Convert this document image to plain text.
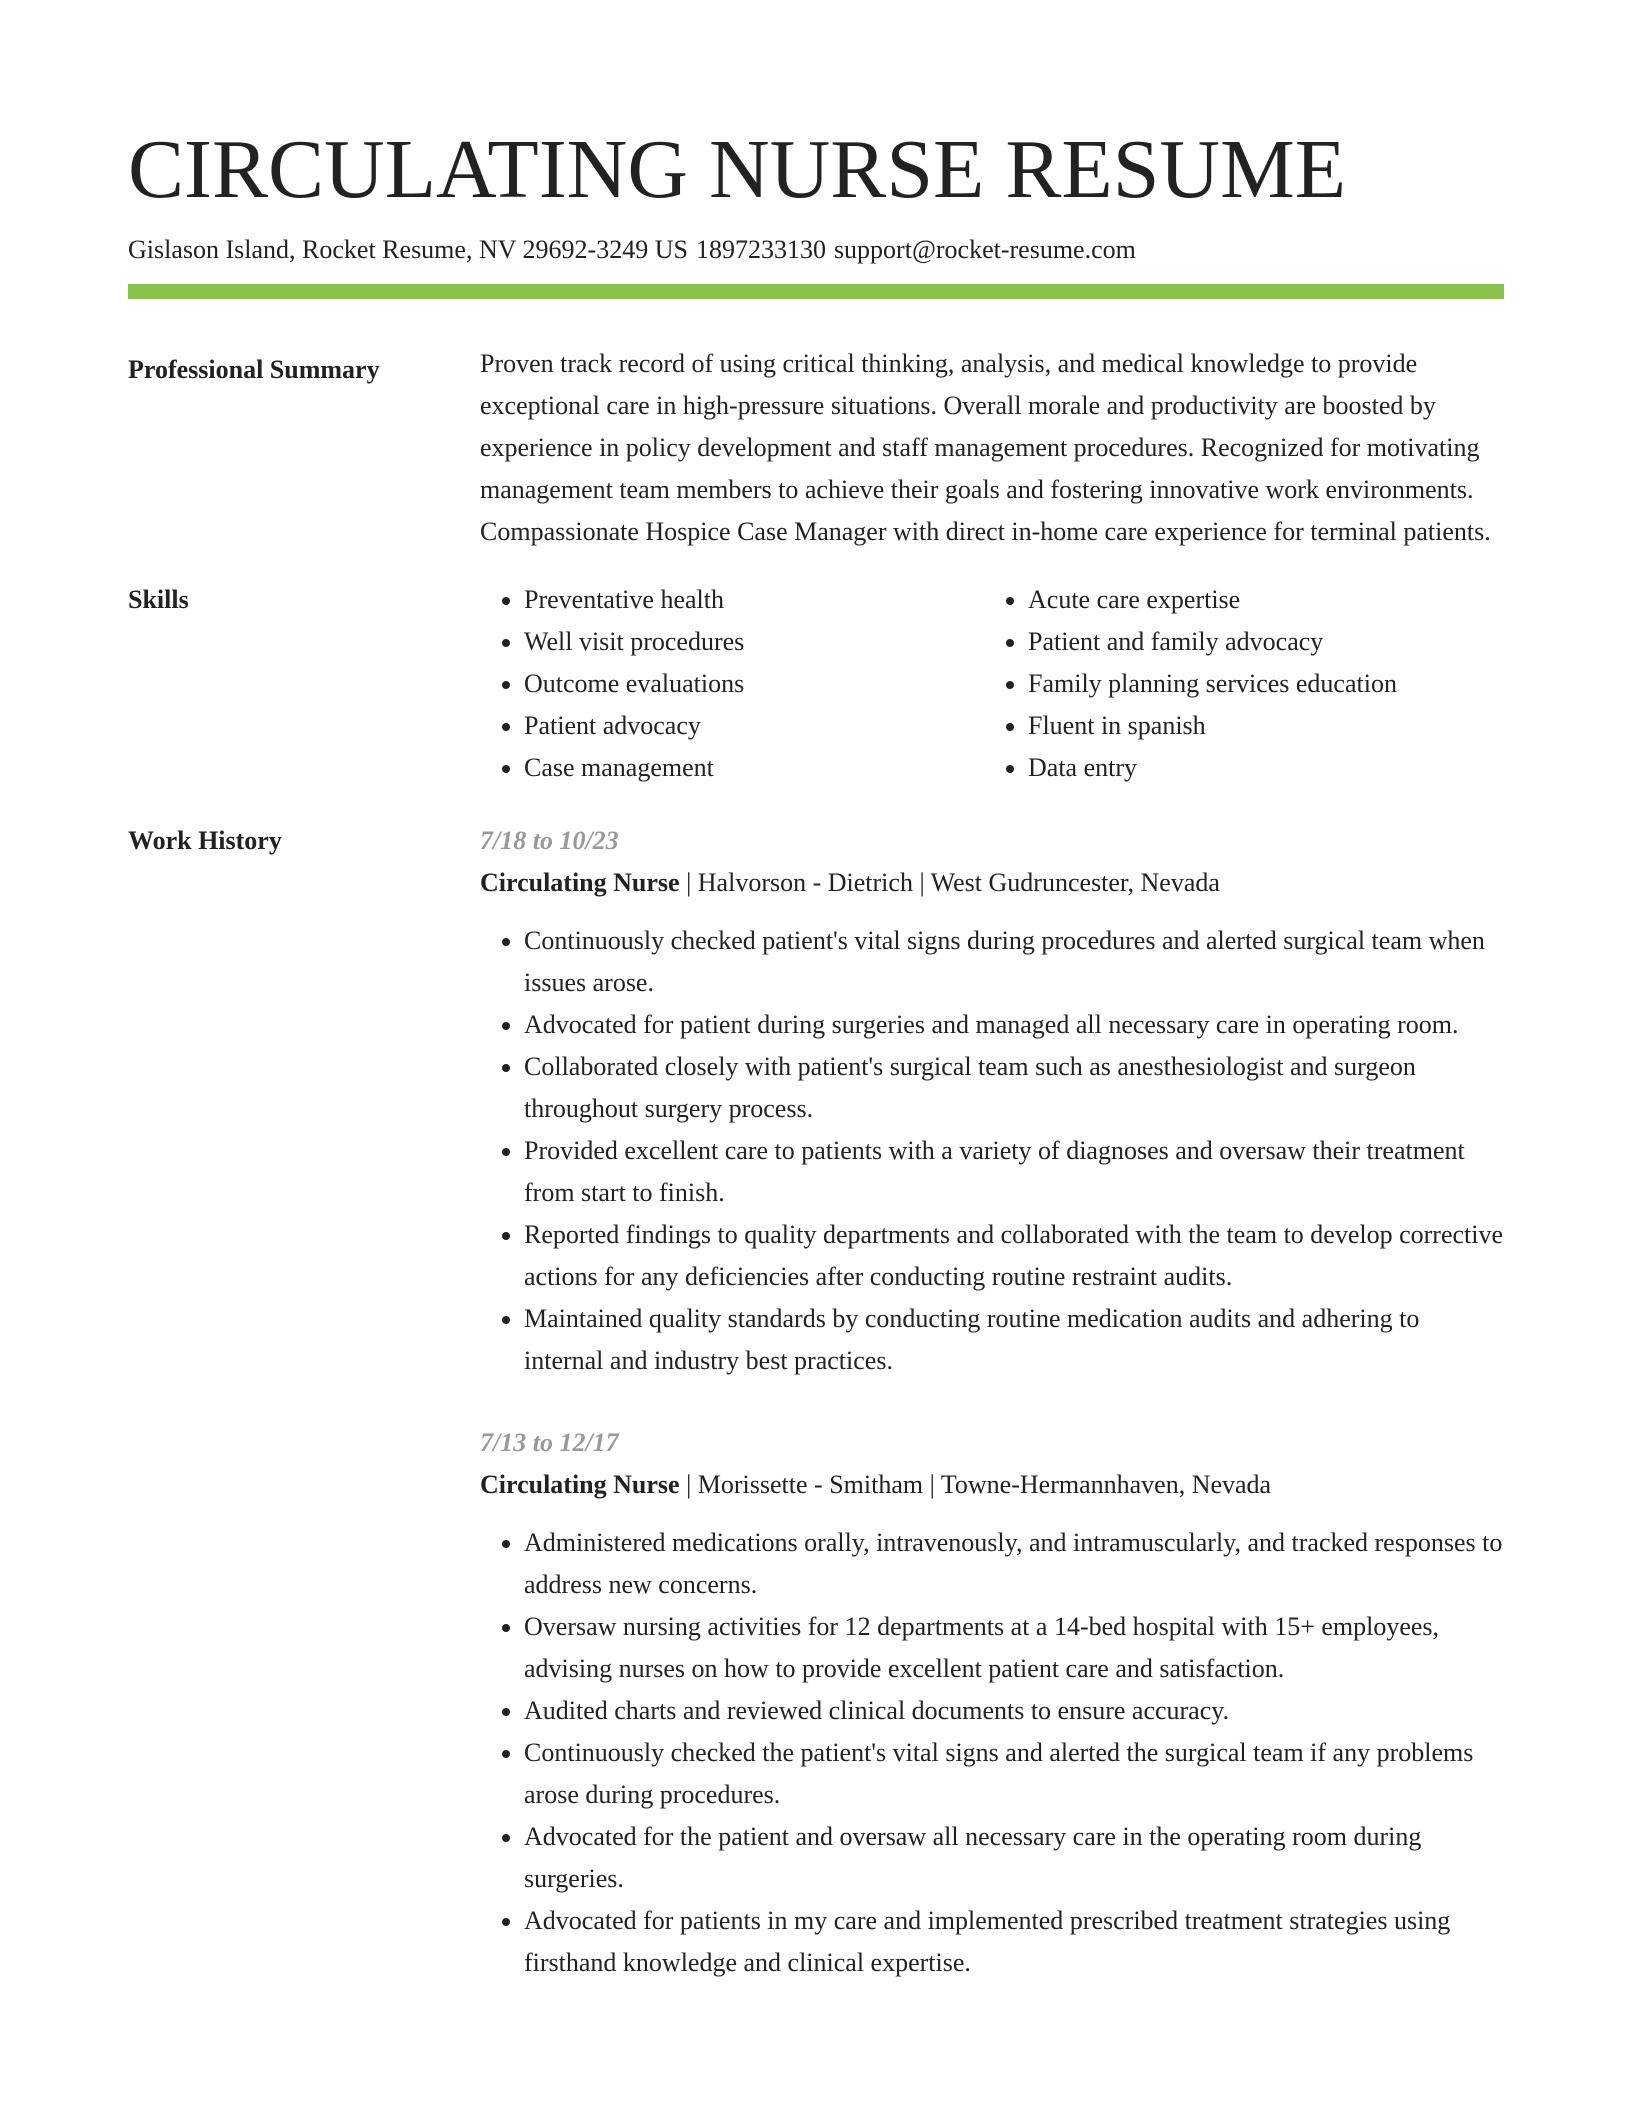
CIRCULATING NURSE RESUME
Gislason Island, Rocket Resume, NV 29692-3249 US 1897233130 support@rocket-resume.com
Professional Summary	Proven track record of using critical thinking, analysis, and medical knowledge to provide exceptional care in high-pressure situations. Overall morale and productivity are boosted by experience in policy development and staff management procedures. Recognized for motivating management team members to achieve their goals and fostering innovative work environments. Compassionate Hospice Case Manager with direct in-home care experience for terminal patients.

Skills
•	Preventative health
• Well visit procedures
• Outcome evaluations
• Patient advocacy
• Case management
• Acute care expertise
• Patient and family advocacy
• Family planning services education
• Fluent in spanish
• Data entry
Work History	7/18 to 10/23
Circulating Nurse | Halvorson - Dietrich | West Gudruncester, Nevada
• Continuously checked patient's vital signs during procedures and alerted surgical team when issues arose.
• Advocated for patient during surgeries and managed all necessary care in operating room.
• Collaborated closely with patient's surgical team such as anesthesiologist and surgeon throughout surgery process.
• Provided excellent care to patients with a variety of diagnoses and oversaw their treatment from start to finish.
• Reported findings to quality departments and collaborated with the team to develop corrective actions for any deficiencies after conducting routine restraint audits.
• Maintained quality standards by conducting routine medication audits and adhering to internal and industry best practices.
7/13 to 12/17
Circulating Nurse | Morissette - Smitham | Towne-Hermannhaven, Nevada
• Administered medications orally, intravenously, and intramuscularly, and tracked responses to address new concerns.
• Oversaw nursing activities for 12 departments at a 14-bed hospital with 15+ employees, advising nurses on how to provide excellent patient care and satisfaction.
• Audited charts and reviewed clinical documents to ensure accuracy.
• Continuously checked the patient's vital signs and alerted the surgical team if any problems arose during procedures.
• Advocated for the patient and oversaw all necessary care in the operating room during surgeries.
• Advocated for patients in my care and implemented prescribed treatment strategies using firsthand knowledge and clinical expertise.
